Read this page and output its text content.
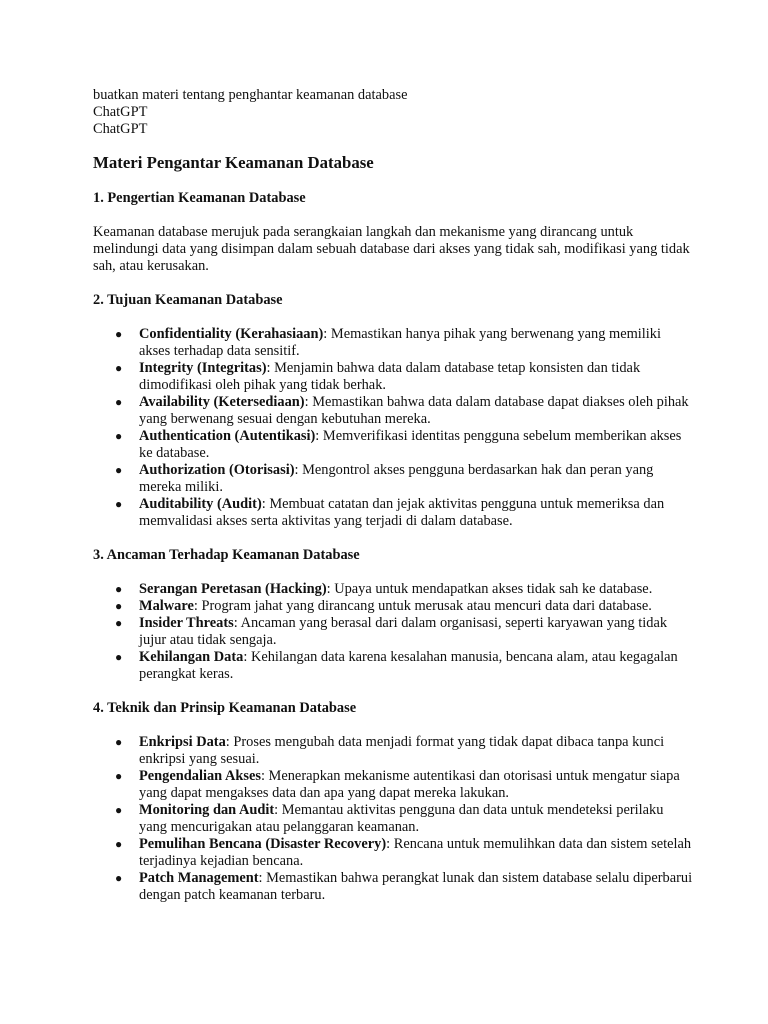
buatkan materi tentang penghantar keamanan database

ChatGPT

ChatGPT

Materi Pengantar Keamanan Database
1. Pengertian Keamanan Database

Keamanan database merujuk pada serangkaian langkah dan mekanisme yang dirancang untuk melindungi data yang disimpan dalam sebuah database dari akses yang tidak sah, modifikasi yang tidak sah, atau kerusakan.

2. Tujuan Keamanan Database
● Confidentiality (Kerahasiaan): Memastikan hanya pihak yang berwenang yang memiliki akses terhadap data sensitif.
● Integrity (Integritas): Menjamin bahwa data dalam database tetap konsisten dan tidak dimodifikasi oleh pihak yang tidak berhak.
● Availability (Ketersediaan): Memastikan bahwa data dalam database dapat diakses oleh pihak yang berwenang sesuai dengan kebutuhan mereka.
● Authentication (Autentikasi): Memverifikasi identitas pengguna sebelum memberikan akses ke database.
● Authorization (Otorisasi): Mengontrol akses pengguna berdasarkan hak dan peran yang mereka miliki.
● Auditability (Audit): Membuat catatan dan jejak aktivitas pengguna untuk memeriksa dan memvalidasi akses serta aktivitas yang terjadi di dalam database.
3. Ancaman Terhadap Keamanan Database
● Serangan Peretasan (Hacking): Upaya untuk mendapatkan akses tidak sah ke database.
● Malware: Program jahat yang dirancang untuk merusak atau mencuri data dari database.
● Insider Threats: Ancaman yang berasal dari dalam organisasi, seperti karyawan yang tidak jujur atau tidak sengaja.
● Kehilangan Data: Kehilangan data karena kesalahan manusia, bencana alam, atau kegagalan perangkat keras.
4. Teknik dan Prinsip Keamanan Database
● Enkripsi Data: Proses mengubah data menjadi format yang tidak dapat dibaca tanpa kunci enkripsi yang sesuai.
● Pengendalian Akses: Menerapkan mekanisme autentikasi dan otorisasi untuk mengatur siapa yang dapat mengakses data dan apa yang dapat mereka lakukan.
● Monitoring dan Audit: Memantau aktivitas pengguna dan data untuk mendeteksi perilaku yang mencurigakan atau pelanggaran keamanan.
● Pemulihan Bencana (Disaster Recovery): Rencana untuk memulihkan data dan sistem setelah terjadinya kejadian bencana.
● Patch Management: Memastikan bahwa perangkat lunak dan sistem database selalu diperbarui dengan patch keamanan terbaru.
